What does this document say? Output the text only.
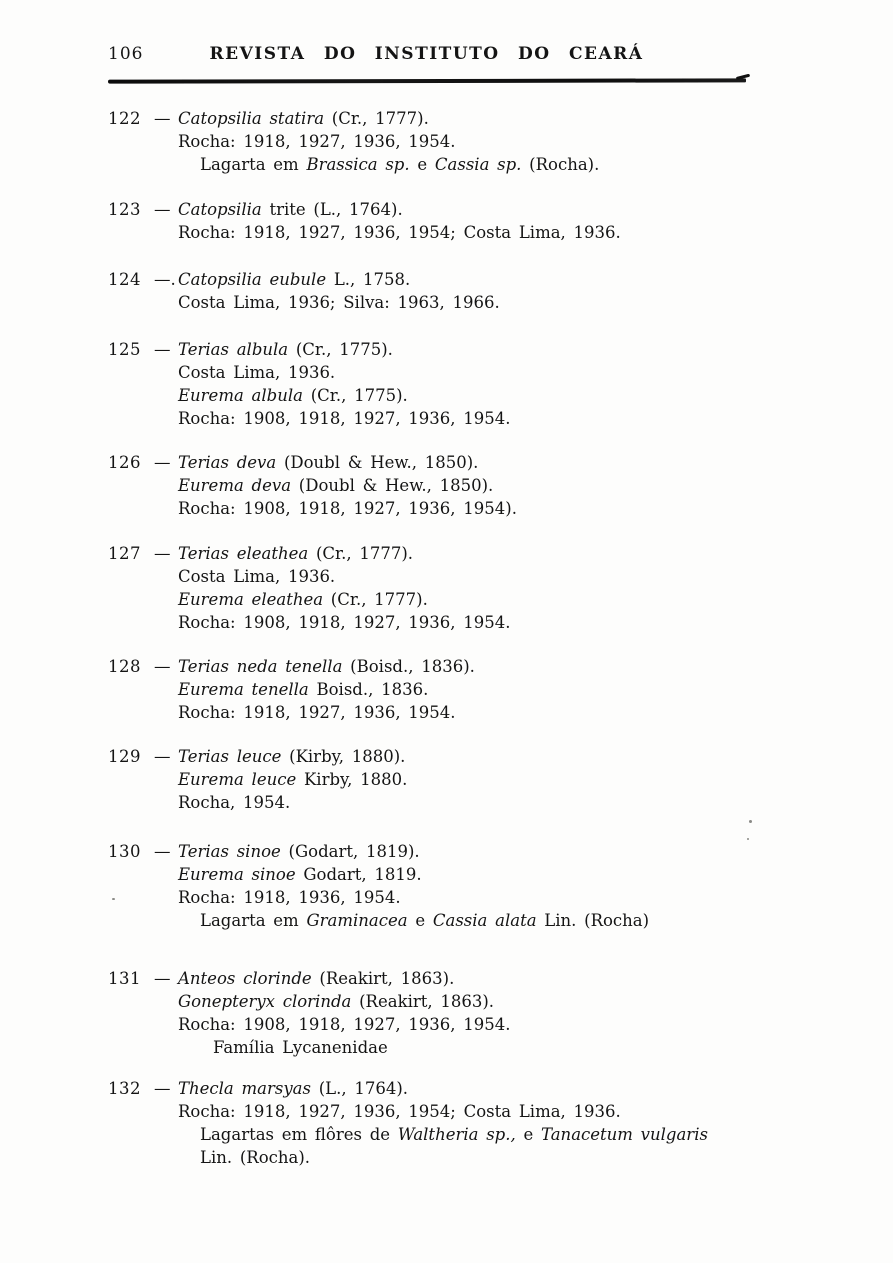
106	REVISTA DO INSTITUTO DO CEARÁ
122 — Catopsilia statira (Cr., 1777).
Rocha: 1918, 1927, 1936, 1954.
Lagarta em Brassica sp. e Cassia sp. (Rocha).
123 — Catopsilia trite (L., 1764).
Rocha: 1918, 1927, 1936, 1954; Costa Lima, 1936.
124 —. Catopsilia eubule L., 1758.
Costa Lima, 1936; Silva: 1963, 1966.
125 — Terias albula (Cr., 1775).
Costa Lima, 1936.
Eurema albula (Cr., 1775).
Rocha: 1908, 1918, 1927, 1936, 1954.
126 — Terias deva (Doubl & Hew., 1850).
Eurema deva (Doubl & Hew., 1850).
Rocha: 1908, 1918, 1927, 1936, 1954).
127 — Terias eleathea (Cr., 1777).
Costa Lima, 1936.
Eurema eleathea (Cr., 1777).
Rocha: 1908, 1918, 1927, 1936, 1954.
128 — Terias neda tenella (Boisd., 1836).
Eurema tenella Boisd., 1836.
Rocha: 1918, 1927, 1936, 1954.
129 — Terias leuce (Kirby, 1880).
Eurema leuce Kirby, 1880.
Rocha, 1954.
130 — Terias sinoe (Godart, 1819).
Eurema sinoe Godart, 1819.
Rocha: 1918, 1936, 1954.
Lagarta em Graminacea e Cassia alata Lin. (Rocha)
131 — Anteos clorinde (Reakirt, 1863).
Gonepteryx clorinda (Reakirt, 1863).
Rocha: 1908, 1918, 1927, 1936, 1954.
Família Lycanenidae
132 — Thecla marsyas (L., 1764).
Rocha: 1918, 1927, 1936, 1954; Costa Lima, 1936.
Lagartas em flôres de Waltheria sp., e Tanacetum vulgaris
Lin. (Rocha).
